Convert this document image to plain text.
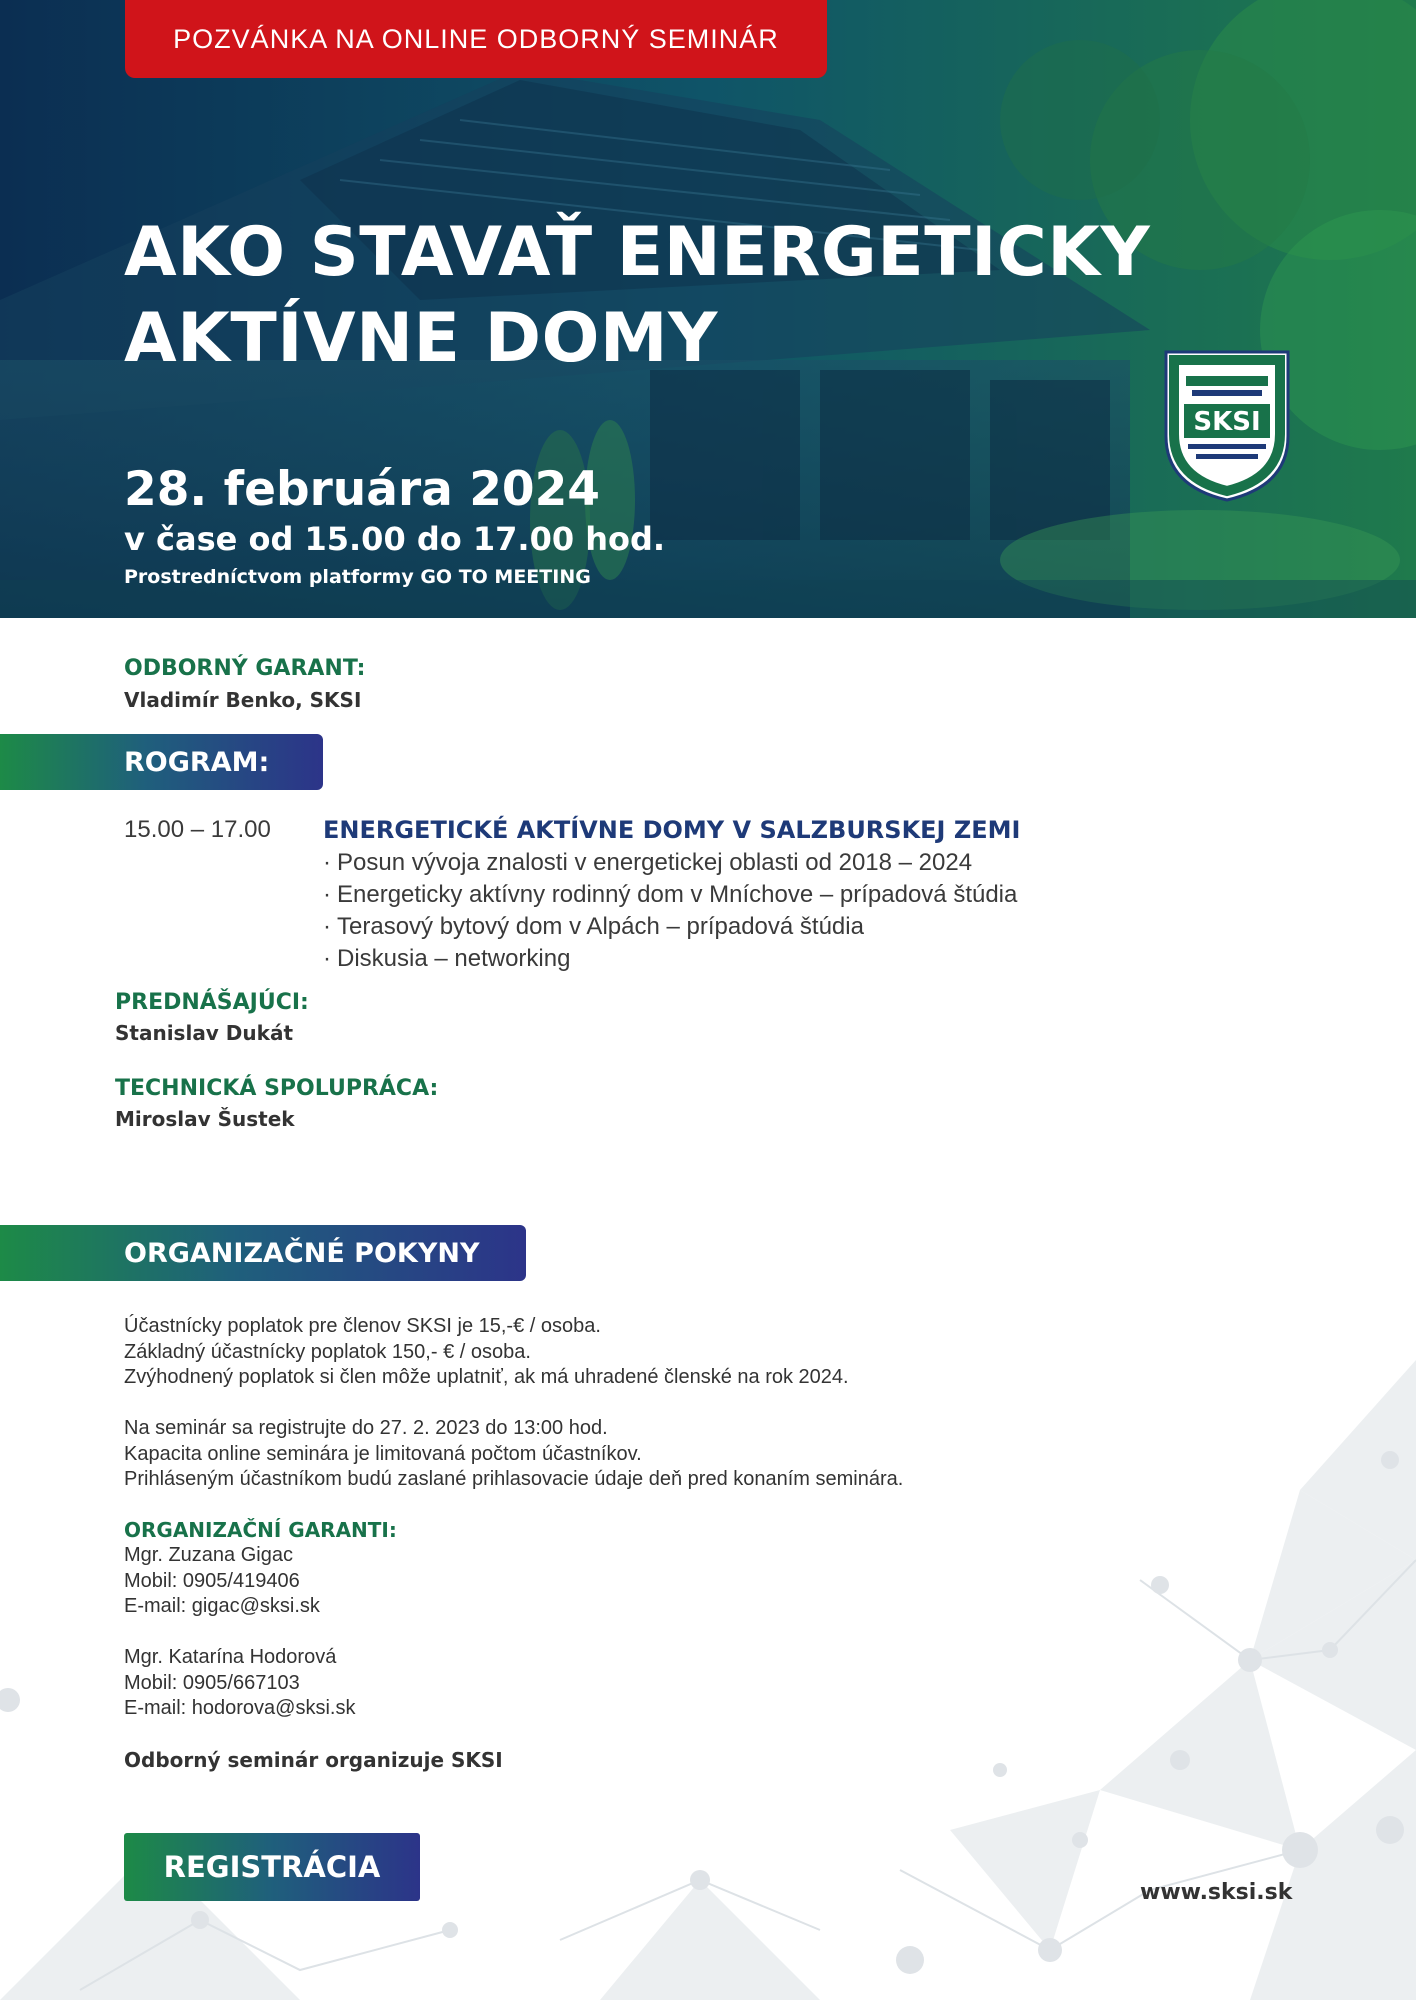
POZVÁNKA NA ONLINE ODBORNÝ SEMINÁR
AKO STAVAŤ ENERGETICKY
AKTÍVNE DOMY
28. februára 2024
v čase od 15.00 do 17.00 hod.
Prostredníctvom platformy GO TO MEETING
SKSI
ODBORNÝ GARANT:
Vladimír Benko, SKSI
ROGRAM:
15.00 – 17.00 ENERGETICKÉ AKTÍVNE DOMY V SALZBURSKEJ ZEMI
· Posun vývoja znalosti v energetickej oblasti od 2018 – 2024
· Energeticky aktívny rodinný dom v Mníchove – prípadová štúdia
· Terasový bytový dom v Alpách – prípadová štúdia
· Diskusia – networking
PREDNÁŠAJÚCI:
Stanislav Dukát
TECHNICKÁ SPOLUPRÁCA:
Miroslav Šustek
ORGANIZAČNÉ POKYNY

Účastnícky poplatok pre členov SKSI je 15,-€ / osoba.

Základný účastnícky poplatok 150,- € / osoba.

Zvýhodnený poplatok si člen môže uplatniť, ak má uhradené členské na rok 2024.

Na seminár sa registrujte do 27. 2. 2023 do 13:00 hod.

Kapacita online seminára je limitovaná počtom účastníkov.

Prihláseným účastníkom budú zaslané prihlasovacie údaje deň pred konaním seminára.

ORGANIZAČNÍ GARANTI:

Mgr. Zuzana Gigac

Mobil: 0905/419406

E-mail: gigac@sksi.sk

Mgr. Katarína Hodorová

Mobil: 0905/667103

E-mail: hodorova@sksi.sk

Odborný seminár organizuje SKSI
REGISTRÁCIA
www.sksi.sk
